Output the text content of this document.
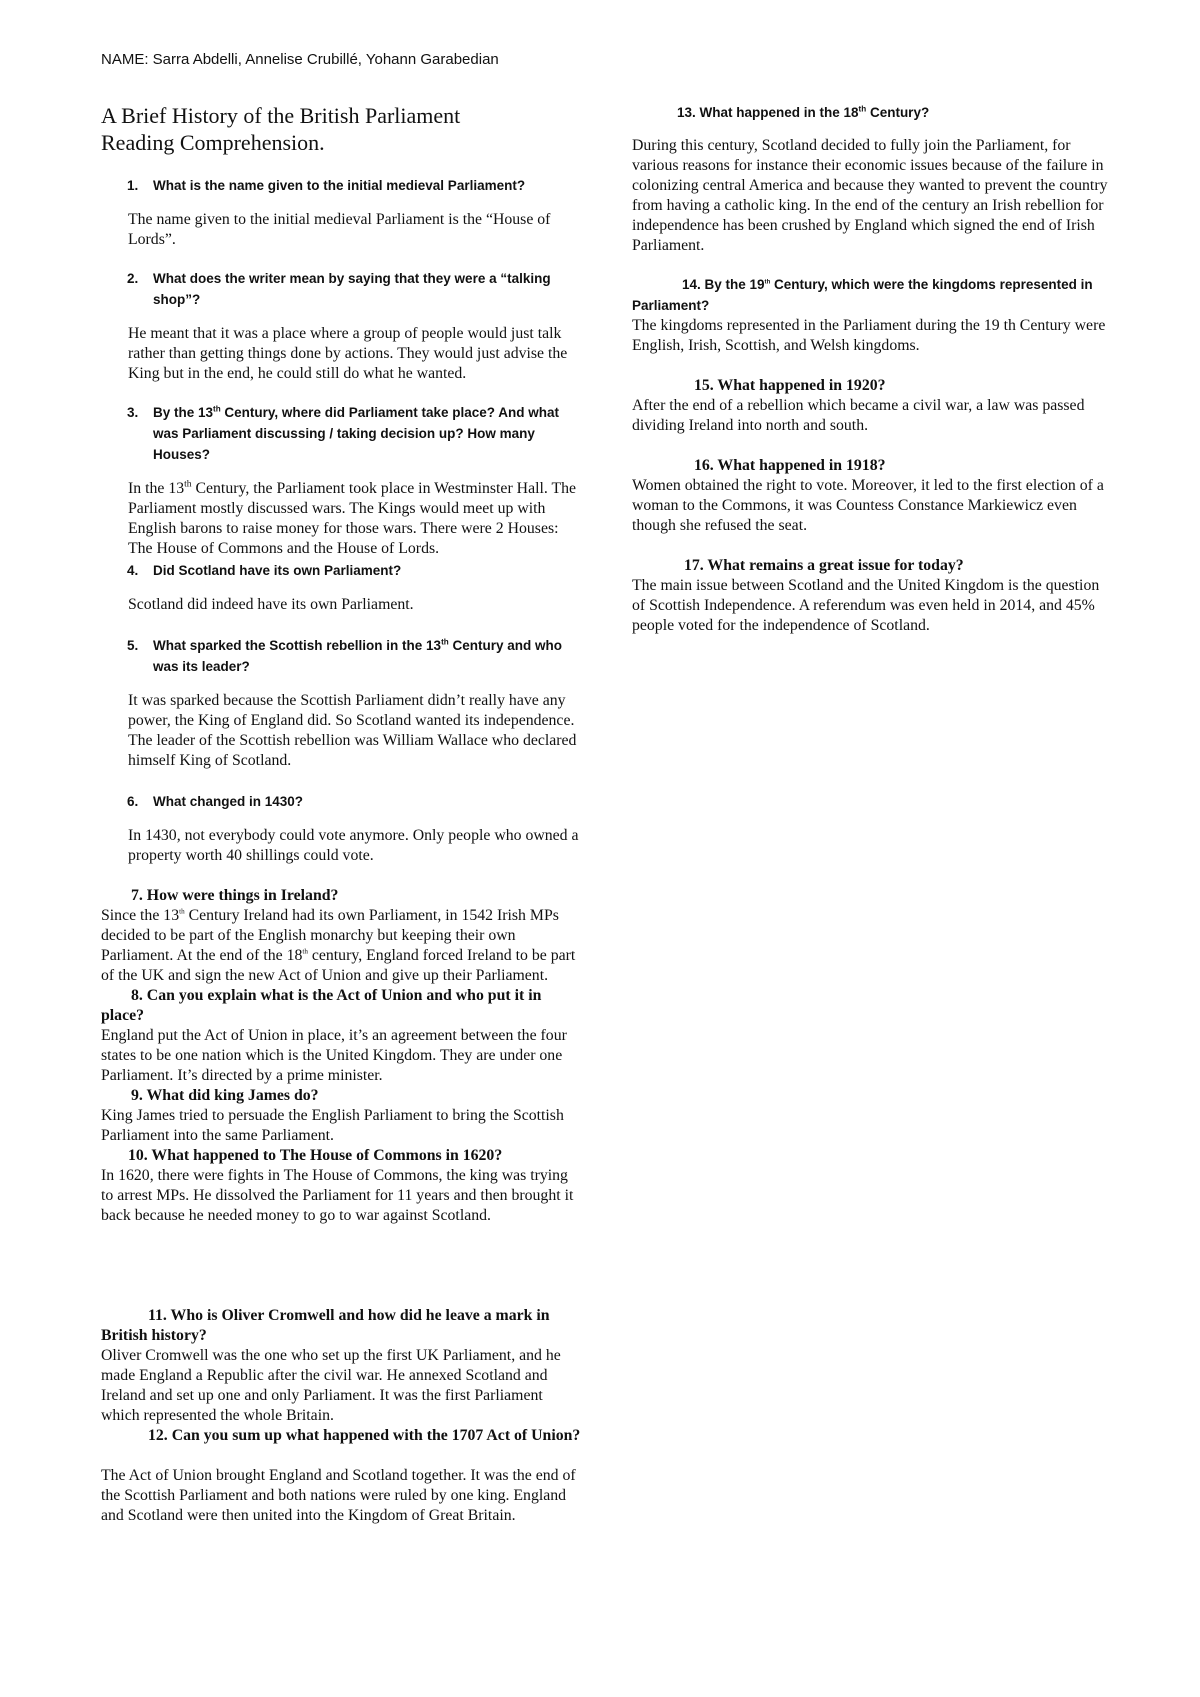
NAME: Sarra Abdelli, Annelise Crubillé, Yohann Garabedian
A Brief History of the British Parliament
Reading Comprehension.
1.	What is the name given to the initial medieval Parliament?

The name given to the initial medieval Parliament is the “House of Lords”.

2.	What does the writer mean by saying that they were a “talking shop”?

He meant that it was a place where a group of people would just talk rather than getting things done by actions. They would just advise the King but in the end, he could still do what he wanted.

3.	By the 13th Century, where did Parliament take place? And what was Parliament discussing / taking decision up? How many Houses?

In the 13th Century, the Parliament took place in Westminster Hall. The Parliament mostly discussed wars. The Kings would meet up with English barons to raise money for those wars. There were 2 Houses: The House of Commons and the House of Lords.

4.	Did Scotland have its own Parliament?

Scotland did indeed have its own Parliament.

5.	What sparked the Scottish rebellion in the 13th Century and who was its leader?

It was sparked because the Scottish Parliament didn’t really have any power, the King of England did. So Scotland wanted its independence. The leader of the Scottish rebellion was William Wallace who declared himself King of Scotland.

6.	What changed in 1430?

In 1430, not everybody could vote anymore. Only people who owned a property worth 40 shillings could vote.

7. How were things in Ireland?

Since the 13th Century Ireland had its own Parliament, in 1542 Irish MPs decided to be part of the English monarchy but keeping their own Parliament. At the end of the 18th century, England forced Ireland to be part of the UK and sign the new Act of Union and give up their Parliament.

8. Can you explain what is the Act of Union and who put it in place?

England put the Act of Union in place, it’s an agreement between the four states to be one nation which is the United Kingdom. They are under one Parliament. It’s directed by a prime minister.

9. What did king James do?

King James tried to persuade the English Parliament to bring the Scottish Parliament into the same Parliament.

10. What happened to The House of Commons in 1620?

In 1620, there were fights in The House of Commons, the king was trying to arrest MPs. He dissolved the Parliament for 11 years and then brought it back because he needed money to go to war against Scotland.

11. Who is Oliver Cromwell and how did he leave a mark in British history?

Oliver Cromwell was the one who set up the first UK Parliament, and he made England a Republic after the civil war. He annexed Scotland and Ireland and set up one and only Parliament. It was the first Parliament which represented the whole Britain.

12. Can you sum up what happened with the 1707 Act of Union?

The Act of Union brought England and Scotland together. It was the end of the Scottish Parliament and both nations were ruled by one king. England and Scotland were then united into the Kingdom of Great Britain.

13. What happened in the 18th Century?

During this century, Scotland decided to fully join the Parliament, for various reasons for instance their economic issues because of the failure in colonizing central America and because they wanted to prevent the country from having a catholic king. In the end of the century an Irish rebellion for independence has been crushed by England which signed the end of Irish Parliament.

14. By the 19th Century, which were the kingdoms represented in Parliament?

The kingdoms represented in the Parliament during the 19 th Century were English, Irish, Scottish, and Welsh kingdoms.

15. What happened in 1920?

After the end of a rebellion which became a civil war, a law was passed dividing Ireland into north and south.

16. What happened in 1918?

Women obtained the right to vote. Moreover, it led to the first election of a woman to the Commons, it was Countess Constance Markiewicz even though she refused the seat.

17. What remains a great issue for today?

The main issue between Scotland and the United Kingdom is the question of Scottish Independence. A referendum was even held in 2014, and 45% people voted for the independence of Scotland.
